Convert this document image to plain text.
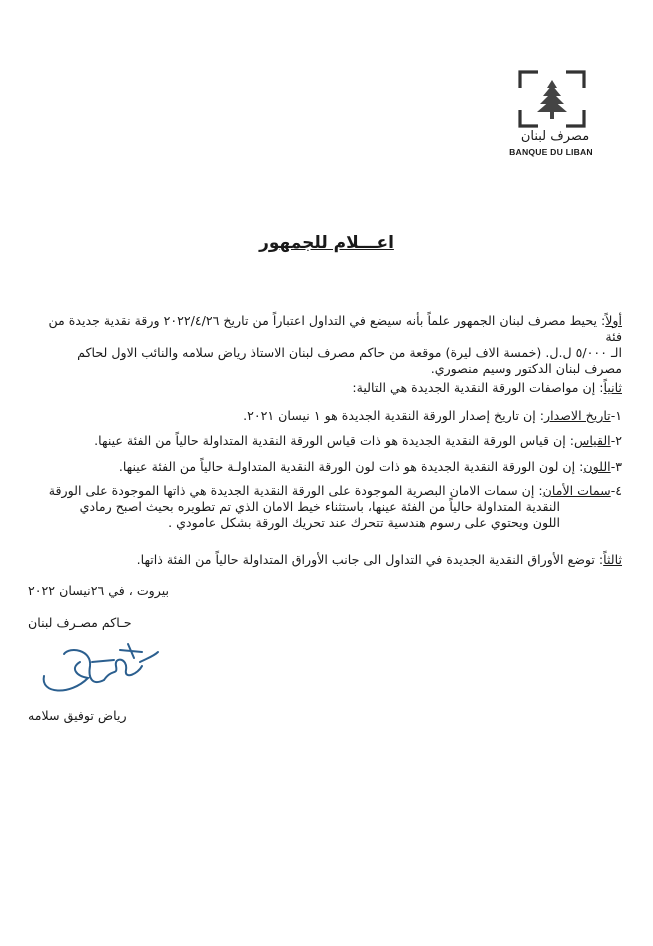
مصرف لبنان
BANQUE DU LIBAN
اعـــلام للجمهور
أولاً: يحيط مصرف لبنان الجمهور علماً بأنه سيضع في التداول اعتباراً من تاريخ ٢٠٢٢/٤/٢٦ ورقة نقدية جديدة من فئة
الـ ٥/٠٠٠ ل.ل. (خمسة الاف ليرة) موقعة من حاكم مصرف لبنان الاستاذ رياض سلامه والنائب الاول لحاكم
مصرف لبنان الدكتور وسيم منصوري.
ثانياً: إن مواصفات الورقة النقدية الجديدة هي التالية:
١-تاريخ الاصدار: إن تاريخ إصدار الورقة النقدية الجديدة هو ١ نيسان ٢٠٢١.
٢-القياس: إن قياس الورقة النقدية الجديدة هو ذات قياس الورقة النقدية المتداولة حالياً من الفئة عينها.
٣-اللون: إن لون الورقة النقدية الجديدة هو ذات لون الورقة النقدية المتداولـة حالياً من الفئة عينها.
٤-سمات الأمان: إن سمات الامان البصرية الموجودة على الورقة النقدية الجديدة هي ذاتها الموجودة على الورقة
النقدية المتداولة حالياً من الفئة عينها، باستثناء خيط الامان الذي تم تطويره بحيث اصبح رمادي
اللون ويحتوي على رسوم هندسية تتحرك عند تحريك الورقة بشكل عامودي .
ثالثاً: توضع الأوراق النقدية الجديدة في التداول الى جانب الأوراق المتداولة حالياً من الفئة ذاتها.
بيروت ، في ٢٦نيسان ٢٠٢٢
حـاكم مصـرف لبنان
رياض توفيق سلامه
